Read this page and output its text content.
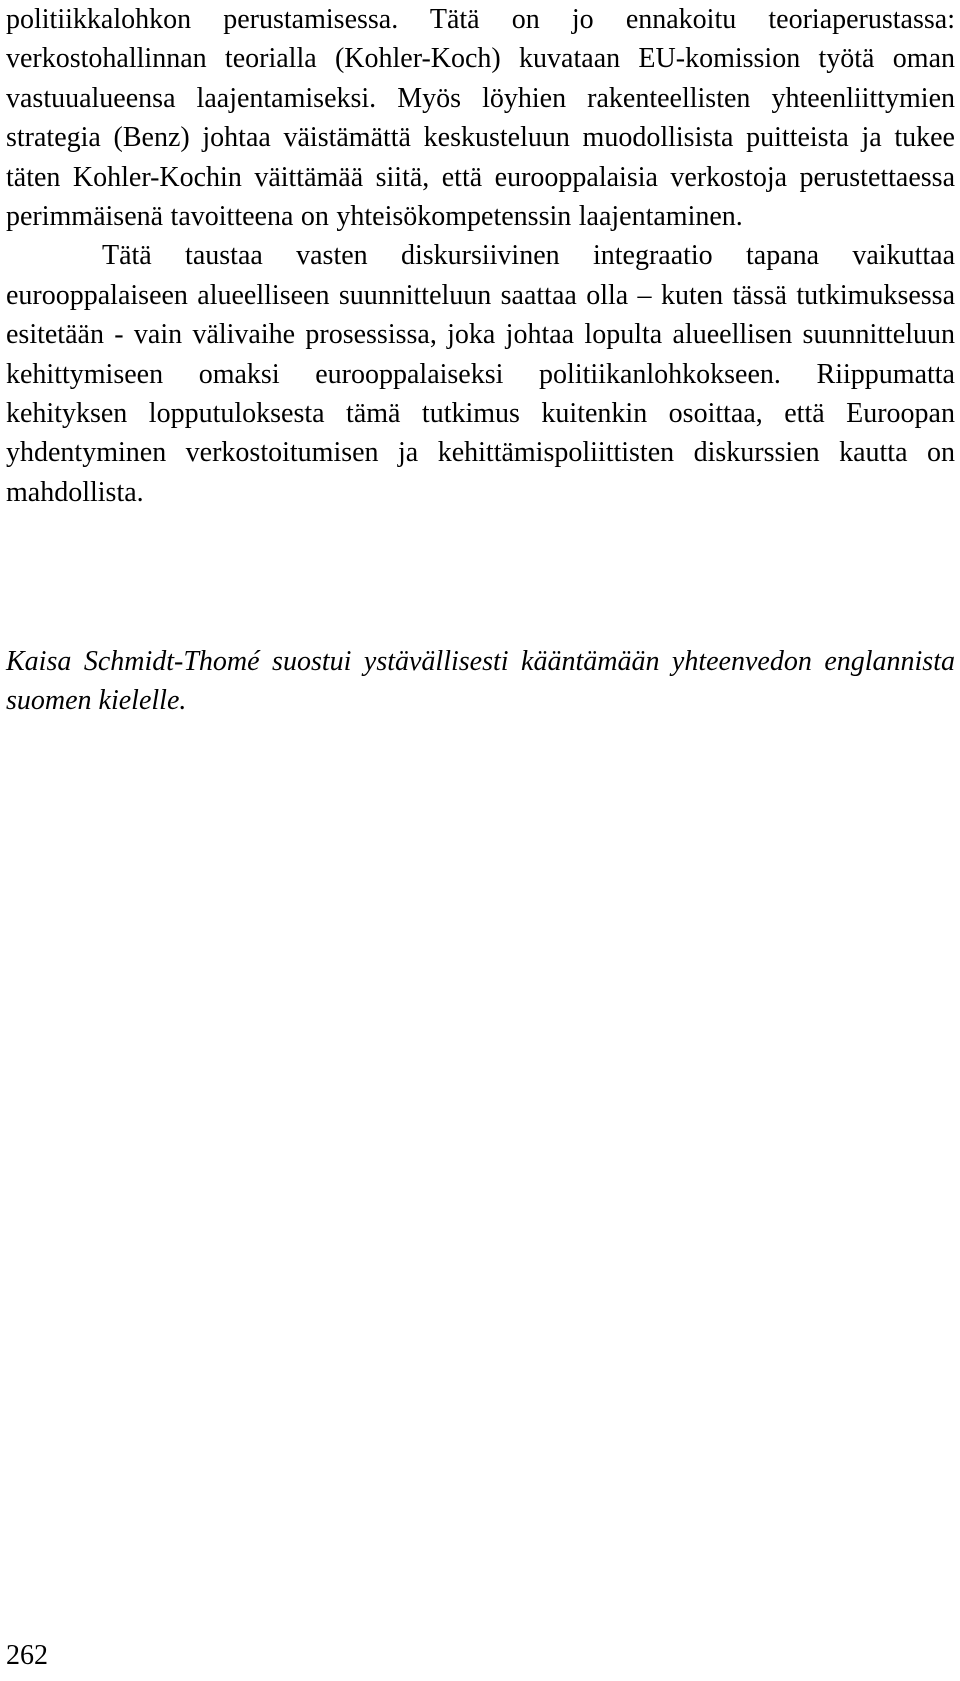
politiikkalohkon perustamisessa. Tätä on jo ennakoitu teoriaperustassa: verkostohallinnan teorialla (Kohler-Koch) kuvataan EU-komission työtä oman vastuualueensa laajentamiseksi. Myös löyhien rakenteellisten yhteenliittymien strategia (Benz) johtaa väistämättä keskusteluun muodollisista puitteista ja tukee täten Kohler-Kochin väittämää siitä, että eurooppalaisia verkostoja perustettaessa perimmäisenä tavoitteena on yhteisökompetenssin laajentaminen.

Tätä taustaa vasten diskursiivinen integraatio tapana vaikuttaa eurooppalaiseen alueelliseen suunnitteluun saattaa olla – kuten tässä tutkimuksessa esitetään - vain välivaihe prosessissa, joka johtaa lopulta alueellisen suunnitteluun kehittymiseen omaksi eurooppalaiseksi politiikanlohkokseen. Riippumatta kehityksen lopputuloksesta tämä tutkimus kuitenkin osoittaa, että Euroopan yhdentyminen verkostoitumisen ja kehittämispoliittisten diskurssien kautta on mahdollista.

Kaisa Schmidt-Thomé suostui ystävällisesti kääntämään yhteenvedon englannista suomen kielelle.

262
